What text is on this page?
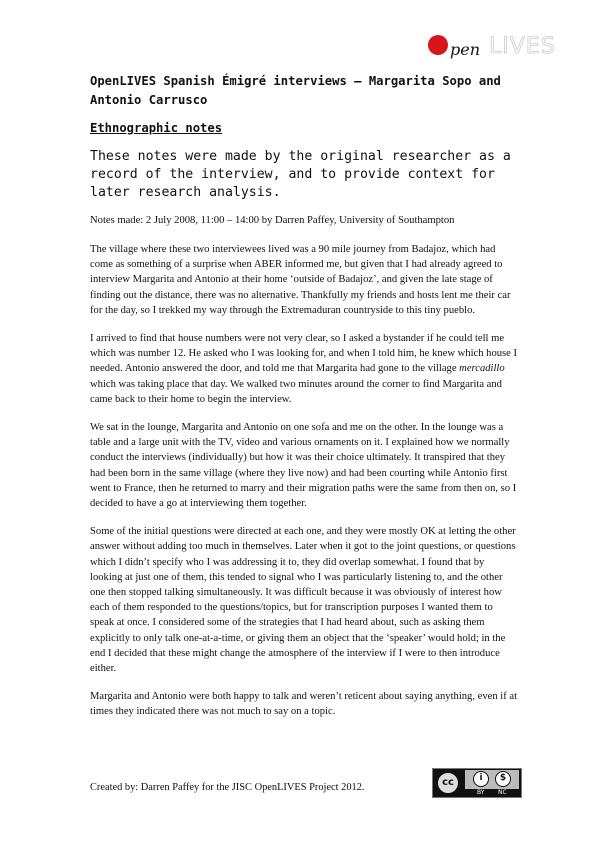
pen LIVES
OpenLIVES Spanish Émigré interviews – Margarita Sopo and Antonio Carrusco
Ethnographic notes

These notes were made by the original researcher as a record of the interview, and to provide context for later research analysis.

Notes made: 2 July 2008, 11:00 – 14:00 by Darren Paffey, University of Southampton

The village where these two interviewees lived was a 90 mile journey from Badajoz, which had come as something of a surprise when ABER informed me, but given that I had already agreed to interview Margarita and Antonio at their home ‘outside of Badajoz’, and given the late stage of finding out the distance, there was no alternative. Thankfully my friends and hosts lent me their car for the day, so I trekked my way through the Extremaduran countryside to this tiny pueblo.

I arrived to find that house numbers were not very clear, so I asked a bystander if he could tell me which was number 12. He asked who I was looking for, and when I told him, he knew which house I needed. Antonio answered the door, and told me that Margarita had gone to the village mercadillo which was taking place that day. We walked two minutes around the corner to find Margarita and came back to their home to begin the interview.

We sat in the lounge, Margarita and Antonio on one sofa and me on the other. In the lounge was a table and a large unit with the TV, video and various ornaments on it. I explained how we normally conduct the interviews (individually) but how it was their choice ultimately. It transpired that they had been born in the same village (where they live now) and had been courting while Antonio first went to France, then he returned to marry and their migration paths were the same from then on, so I decided to have a go at interviewing them together.

Some of the initial questions were directed at each one, and they were mostly OK at letting the other answer without adding too much in themselves. Later when it got to the joint questions, or questions which I didn’t specify who I was addressing it to, they did overlap somewhat. I found that by looking at just one of them, this tended to signal who I was particularly listening to, and the other one then stopped talking simultaneously. It was difficult because it was obviously of interest how each of them responded to the questions/topics, but for transcription purposes I wanted them to speak at once. I considered some of the strategies that I had heard about, such as asking them explicitly to only talk one-at-a-time, or giving them an object that the ‘speaker’ would hold; in the end I decided that these might change the atmosphere of the interview if I were to then introduce either.

Margarita and Antonio were both happy to talk and weren’t reticent about saying anything, even if at times they indicated there was not much to say on a topic.

Created by: Darren Paffey for the JISC OpenLIVES Project 2012.	cc	i	$
BY NC
